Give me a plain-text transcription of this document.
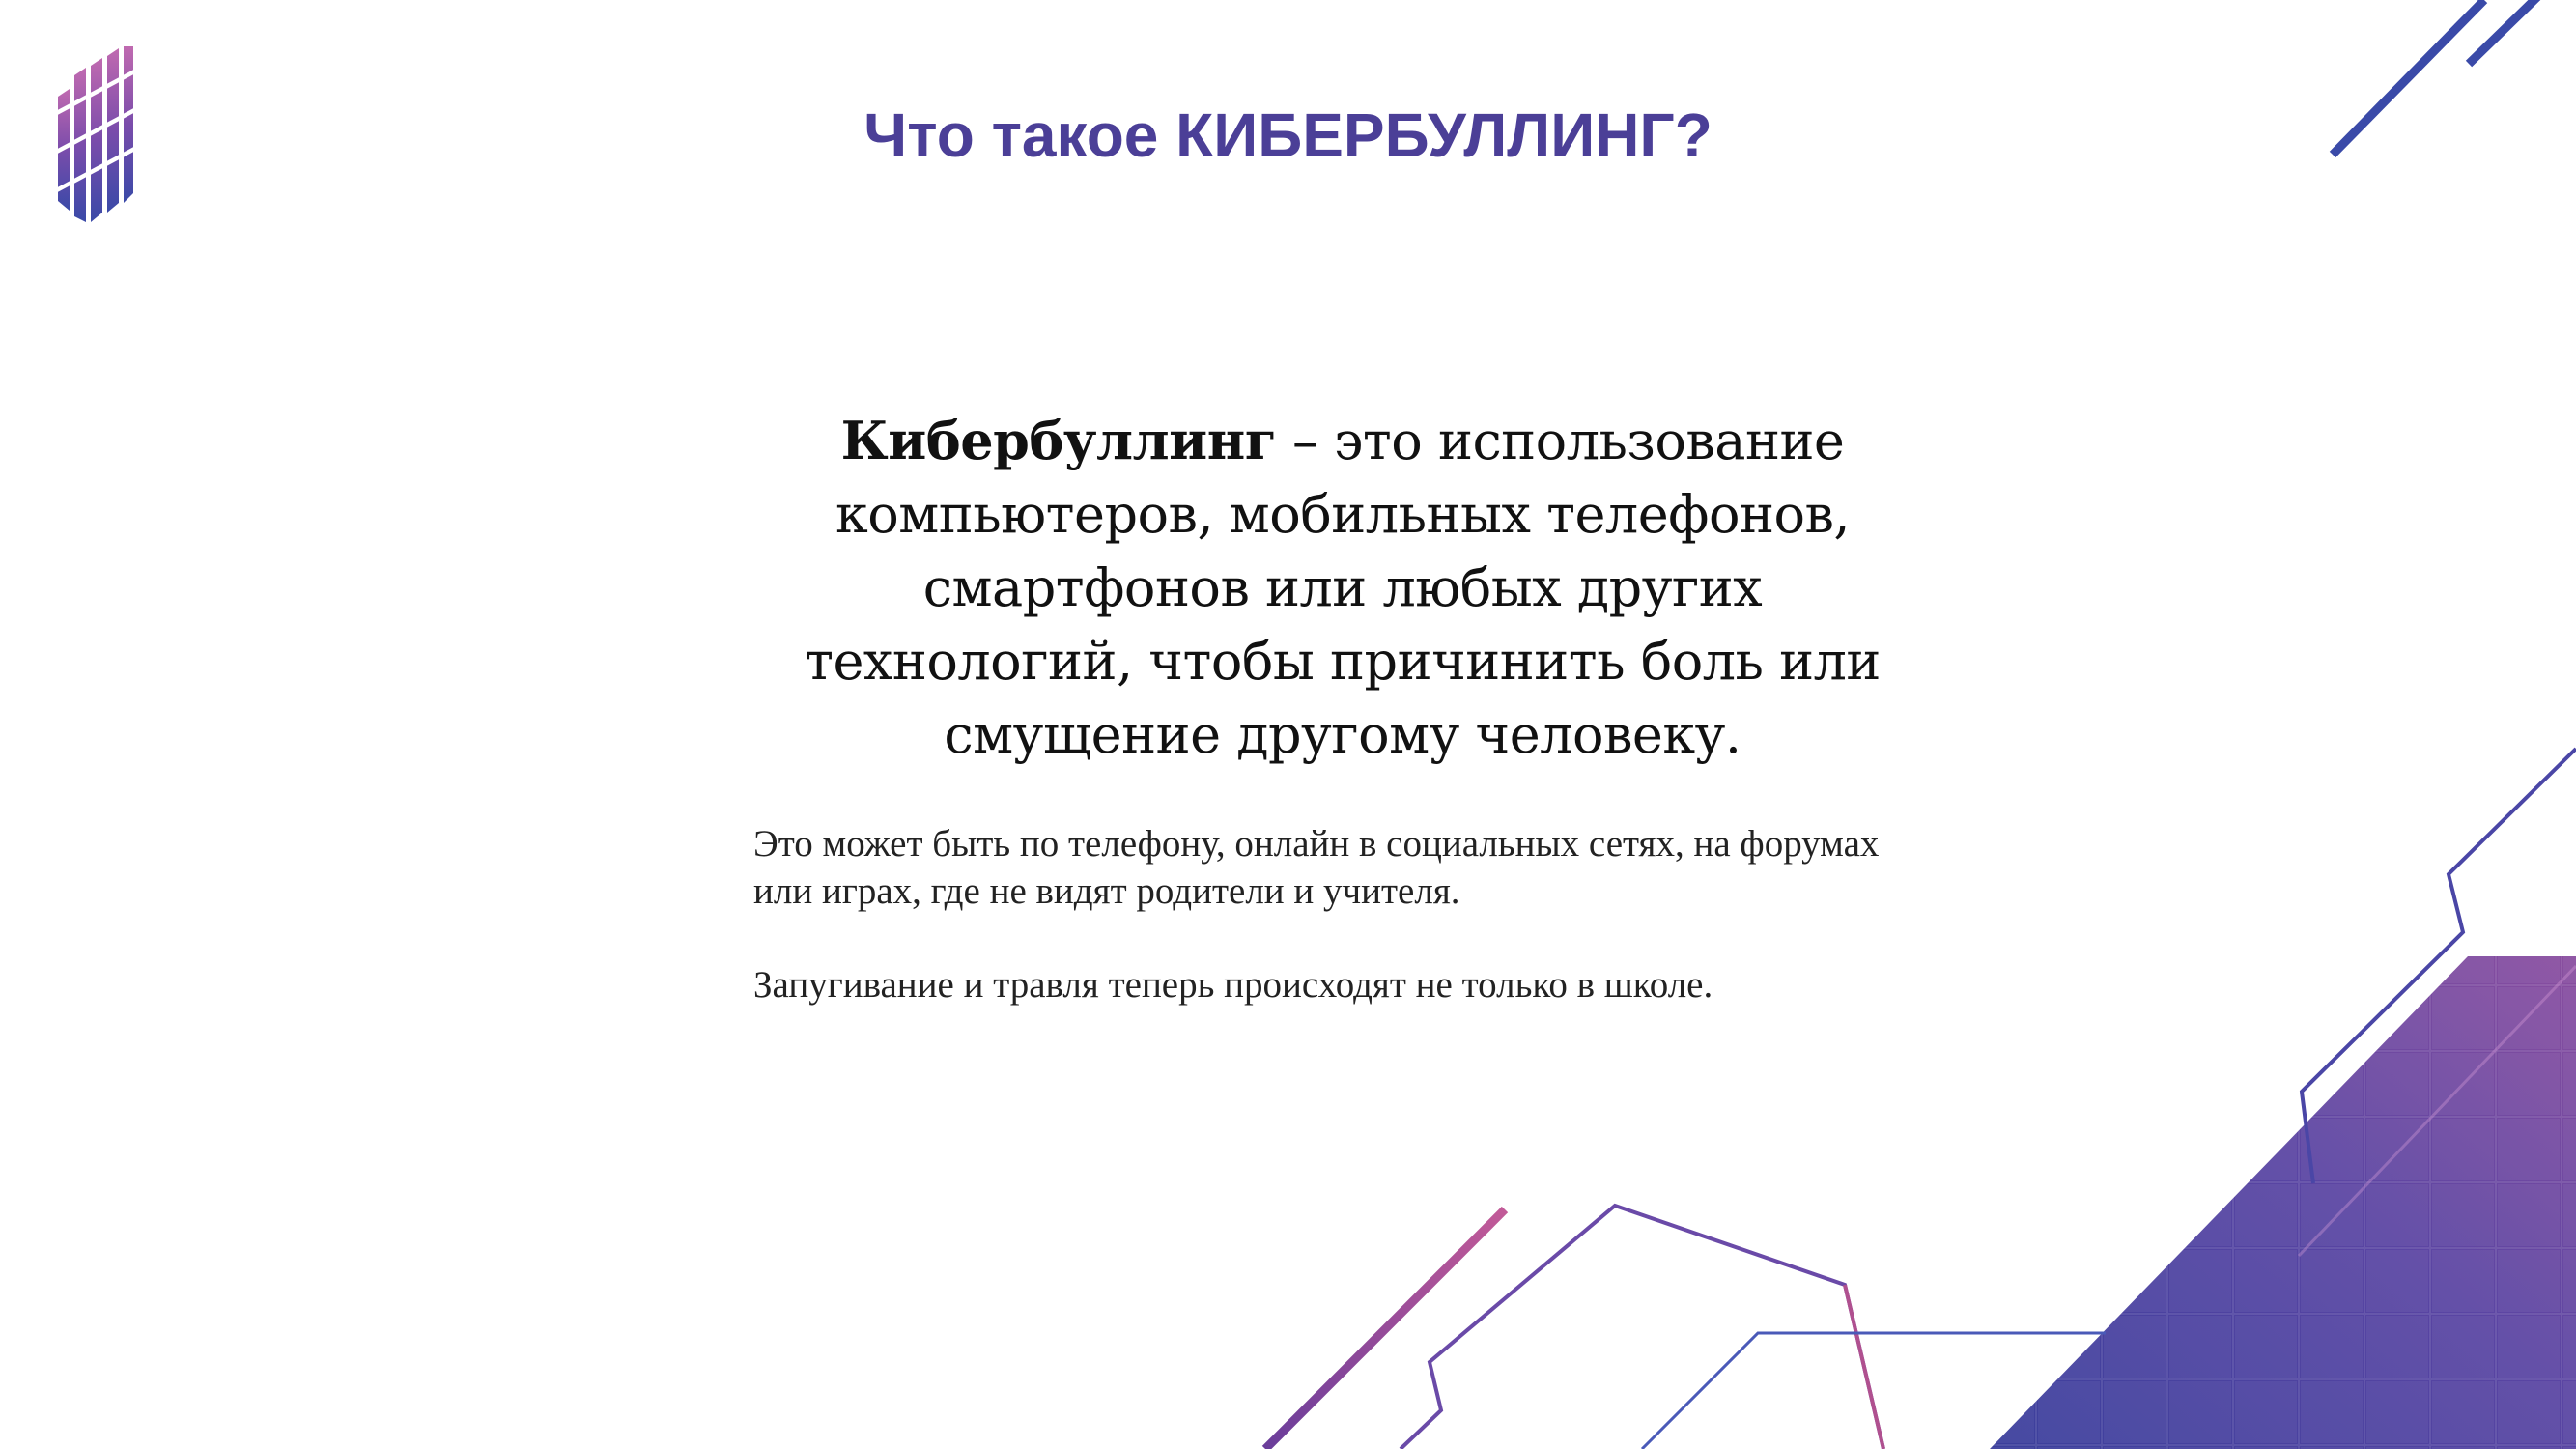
Что такое КИБЕРБУЛЛИНГ?

Кибербуллинг – это использование компьютеров, мобильных телефонов, смартфонов или любых других технологий, чтобы причинить боль или смущение другому человеку.

Это может быть по телефону, онлайн в социальных сетях, на форумах или играх, где не видят родители и учителя.

Запугивание и травля теперь происходят не только в школе.
